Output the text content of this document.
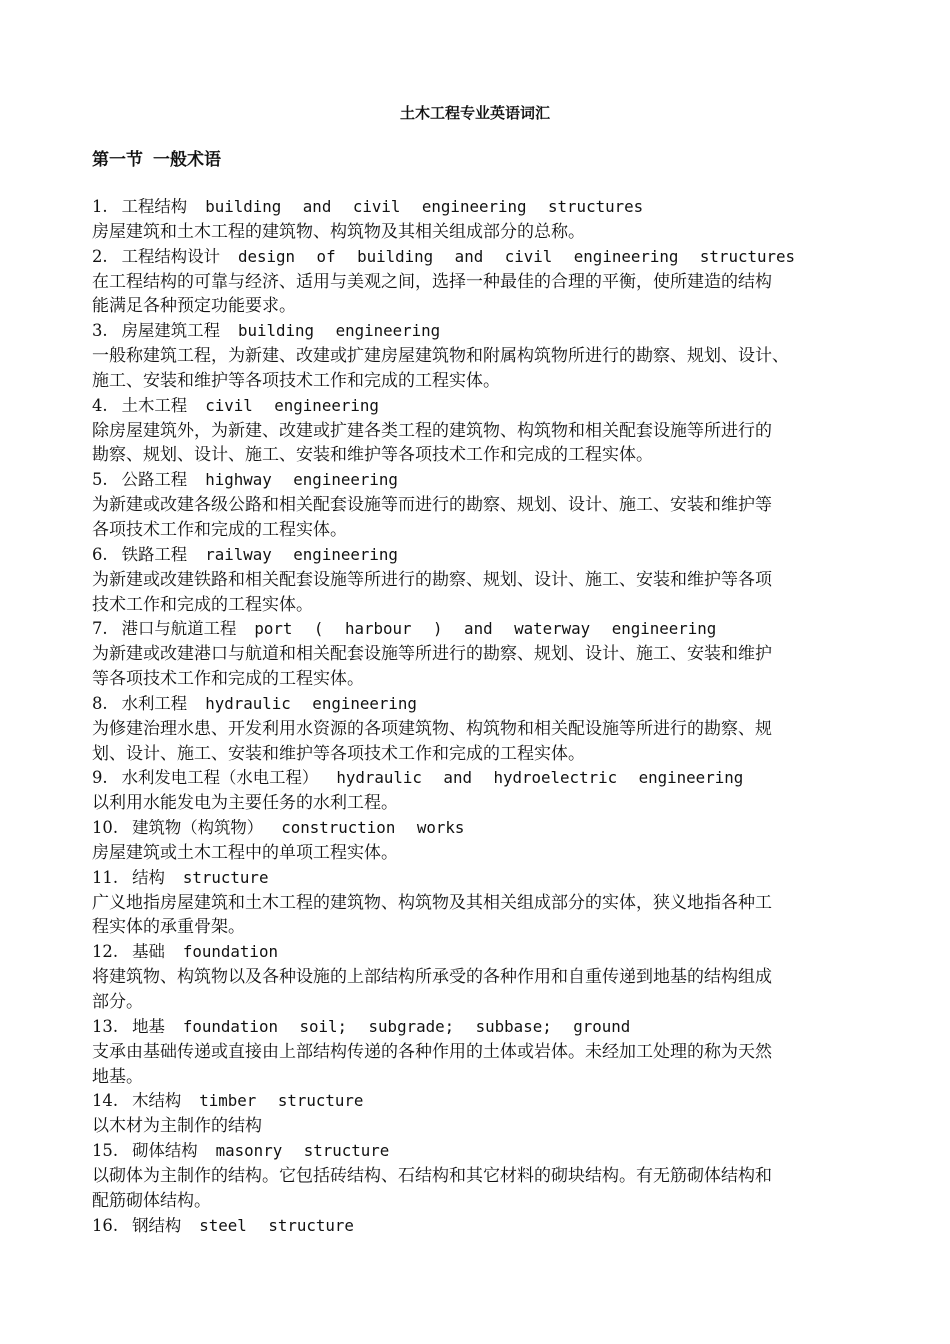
土木工程专业英语词汇
第一节 一般术语
1. 工程结构 building and civil engineering structures
房屋建筑和土木工程的建筑物、构筑物及其相关组成部分的总称。
2. 工程结构设计 design of building and civil engineering structures
在工程结构的可靠与经济、适用与美观之间，选择一种最佳的合理的平衡，使所建造的结构
能满足各种预定功能要求。
3. 房屋建筑工程 building engineering
一般称建筑工程，为新建、改建或扩建房屋建筑物和附属构筑物所进行的勘察、规划、设计、
施工、安装和维护等各项技术工作和完成的工程实体。
4. 土木工程 civil engineering
除房屋建筑外，为新建、改建或扩建各类工程的建筑物、构筑物和相关配套设施等所进行的
勘察、规划、设计、施工、安装和维护等各项技术工作和完成的工程实体。
5. 公路工程 highway engineering
为新建或改建各级公路和相关配套设施等而进行的勘察、规划、设计、施工、安装和维护等
各项技术工作和完成的工程实体。
6. 铁路工程 railway engineering
为新建或改建铁路和相关配套设施等所进行的勘察、规划、设计、施工、安装和维护等各项
技术工作和完成的工程实体。
7. 港口与航道工程 port ( harbour ) and waterway engineering
为新建或改建港口与航道和相关配套设施等所进行的勘察、规划、设计、施工、安装和维护
等各项技术工作和完成的工程实体。
8. 水利工程 hydraulic engineering
为修建治理水患、开发利用水资源的各项建筑物、构筑物和相关配设施等所进行的勘察、规
划、设计、施工、安装和维护等各项技术工作和完成的工程实体。
9. 水利发电工程（水电工程） hydraulic and hydroelectric engineering
以利用水能发电为主要任务的水利工程。
10. 建筑物（构筑物） construction works
房屋建筑或土木工程中的单项工程实体。
11. 结构 structure
广义地指房屋建筑和土木工程的建筑物、构筑物及其相关组成部分的实体，狭义地指各种工
程实体的承重骨架。
12. 基础 foundation
将建筑物、构筑物以及各种设施的上部结构所承受的各种作用和自重传递到地基的结构组成
部分。
13. 地基 foundation soil; subgrade; subbase; ground
支承由基础传递或直接由上部结构传递的各种作用的土体或岩体。未经加工处理的称为天然
地基。
14. 木结构 timber structure
以木材为主制作的结构
15. 砌体结构 masonry structure
以砌体为主制作的结构。它包括砖结构、石结构和其它材料的砌块结构。有无筋砌体结构和
配筋砌体结构。
16. 钢结构 steel structure
